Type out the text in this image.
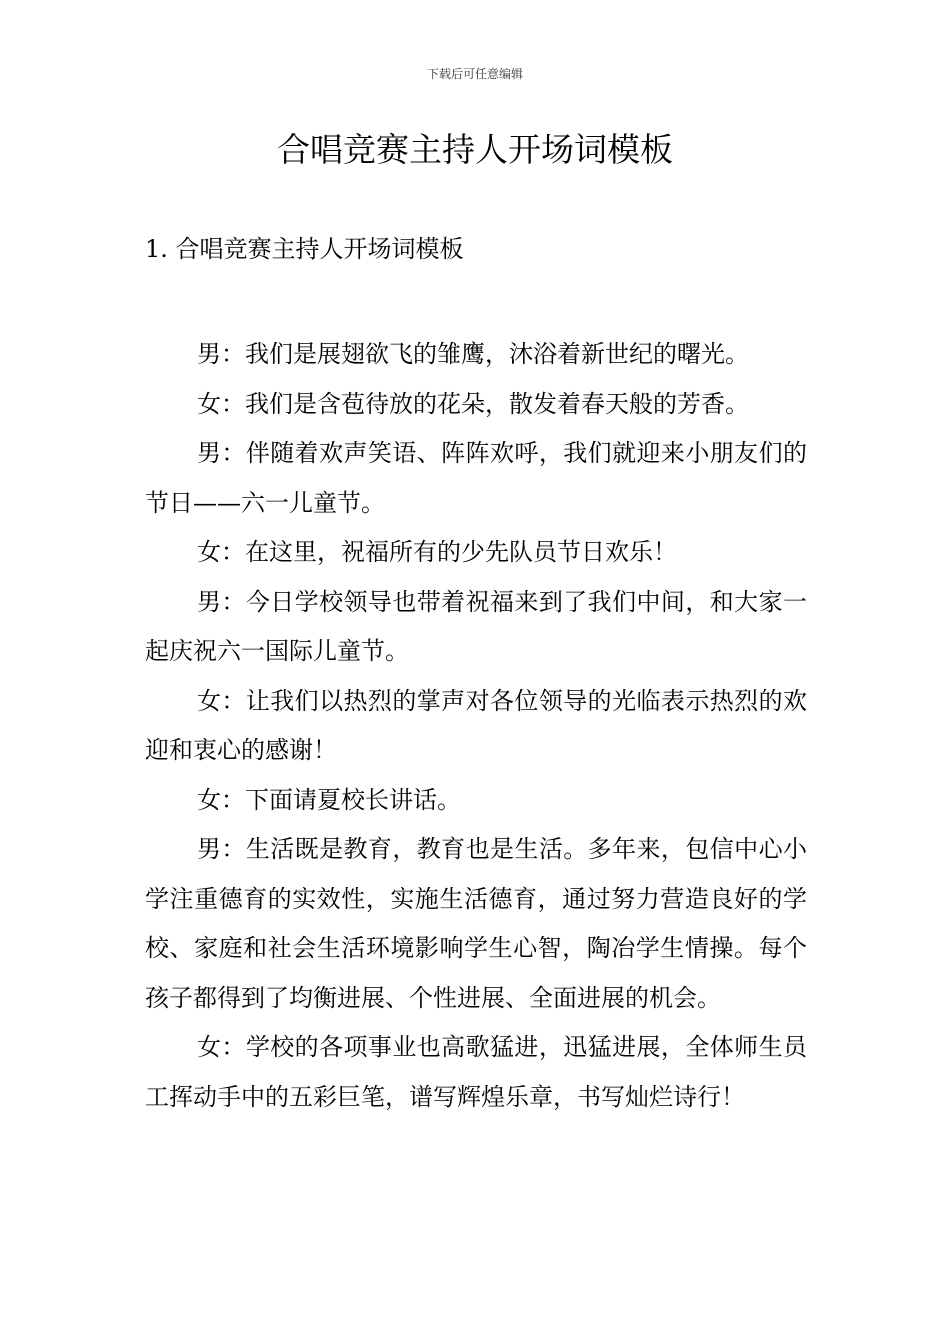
下载后可任意编辑
合唱竞赛主持人开场词模板
1. 合唱竞赛主持人开场词模板

男：我们是展翅欲飞的雏鹰，沐浴着新世纪的曙光。

女：我们是含苞待放的花朵，散发着春天般的芳香。

男：伴随着欢声笑语、阵阵欢呼，我们就迎来小朋友们的节日——六一儿童节。

女：在这里，祝福所有的少先队员节日欢乐！

男：今日学校领导也带着祝福来到了我们中间，和大家一起庆祝六一国际儿童节。

女：让我们以热烈的掌声对各位领导的光临表示热烈的欢迎和衷心的感谢！

女：下面请夏校长讲话。

男：生活既是教育，教育也是生活。多年来，包信中心小学注重德育的实效性，实施生活德育，通过努力营造良好的学校、家庭和社会生活环境影响学生心智，陶冶学生情操。每个孩子都得到了均衡进展、个性进展、全面进展的机会。

女：学校的各项事业也高歌猛进，迅猛进展，全体师生员工挥动手中的五彩巨笔，谱写辉煌乐章，书写灿烂诗行！
